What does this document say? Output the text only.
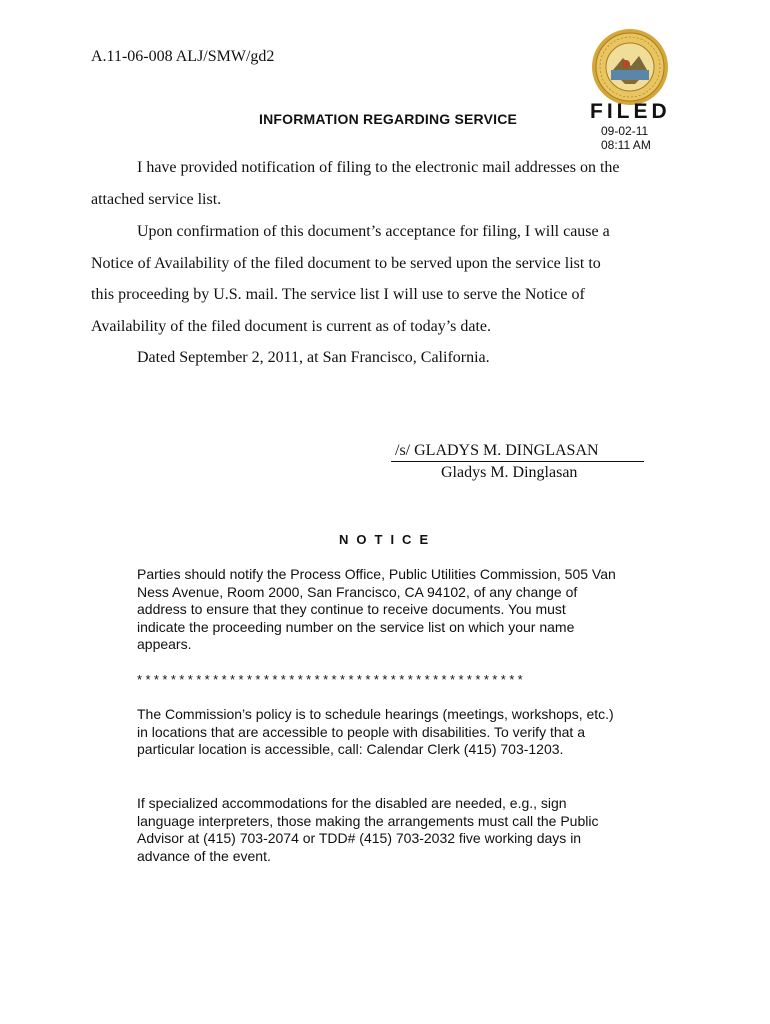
A.11-06-008 ALJ/SMW/gd2
INFORMATION REGARDING SERVICE	FILED
09-02-11
08:11 AM
I have provided notification of filing to the electronic mail addresses on the
attached service list.
Upon confirmation of this document’s acceptance for filing, I will cause a
Notice of Availability of the filed document to be served upon the service list to
this proceeding by U.S. mail. The service list I will use to serve the Notice of
Availability of the filed document is current as of today’s date.
Dated September 2, 2011, at San Francisco, California.
/s/ GLADYS M. DINGLASAN
Gladys M. Dinglasan
NOTICE
Parties should notify the Process Office, Public Utilities Commission, 505 Van Ness Avenue, Room 2000, San Francisco, CA 94102, of any change of address to ensure that they continue to receive documents. You must indicate the proceeding number on the service list on which your name appears.
**********************************************
The Commission’s policy is to schedule hearings (meetings, workshops, etc.) in locations that are accessible to people with disabilities. To verify that a particular location is accessible, call: Calendar Clerk (415) 703-1203.
If specialized accommodations for the disabled are needed, e.g., sign language interpreters, those making the arrangements must call the Public Advisor at (415) 703-2074 or TDD# (415) 703-2032 five working days in advance of the event.
